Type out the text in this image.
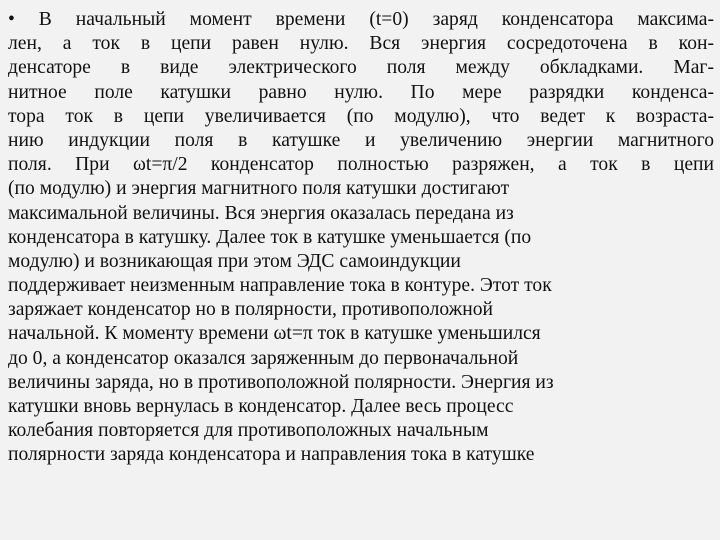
• В начальный момент времени (t=0) заряд конденсатора максима-
лен, а ток в цепи равен нулю. Вся энергия сосредоточена в кон-
денсаторе в виде электрического поля между обкладками. Маг-
нитное поле катушки равно нулю. По мере разрядки конденса-
тора ток в цепи увеличивается (по модулю), что ведет к возраста-
нию индукции поля в катушке и увеличению энергии магнитного
поля. При ωt=π/2 конденсатор полностью разряжен, а ток в цепи
(по модулю) и энергия магнитного поля катушки достигают
максимальной величины. Вся энергия оказалась передана из
конденсатора в катушку. Далее ток в катушке уменьшается (по
модулю) и возникающая при этом ЭДС самоиндукции
поддерживает неизменным направление тока в контуре. Этот ток
заряжает конденсатор но в полярности, противоположной
начальной. К моменту времени ωt=π ток в катушке уменьшился
до 0, а конденсатор оказался заряженным до первоначальной
величины заряда, но в противоположной полярности. Энергия из
катушки вновь вернулась в конденсатор. Далее весь процесс
колебания повторяется для противоположных начальным
полярности заряда конденсатора и направления тока в катушке
